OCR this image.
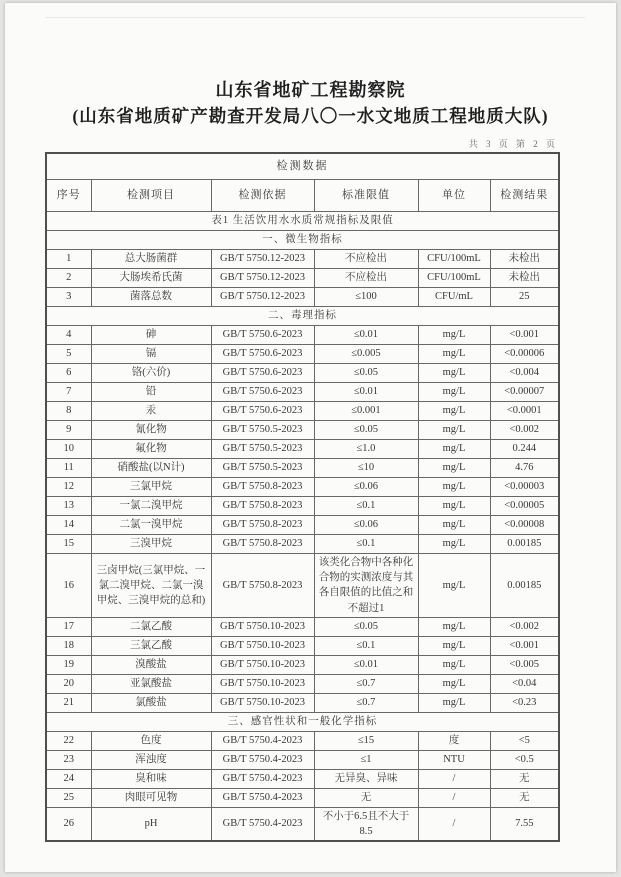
山东省地矿工程勘察院
(山东省地质矿产勘查开发局八〇一水文地质工程地质大队)
共 3 页 第 2 页
检测数据					
序号	检测项目	检测依据	标准限值	单位	检测结果
表1 生活饮用水水质常规指标及限值					
一、微生物指标					
1	总大肠菌群	GB/T 5750.12-2023	不应检出	CFU/100mL	未检出
2	大肠埃希氏菌	GB/T 5750.12-2023	不应检出	CFU/100mL	未检出
3	菌落总数	GB/T 5750.12-2023	≤100	CFU/mL	25
二、毒理指标					
4	砷	GB/T 5750.6-2023	≤0.01	mg/L	<0.001
5	镉	GB/T 5750.6-2023	≤0.005	mg/L	<0.00006
6	铬(六价)	GB/T 5750.6-2023	≤0.05	mg/L	<0.004
7	铅	GB/T 5750.6-2023	≤0.01	mg/L	<0.00007
8	汞	GB/T 5750.6-2023	≤0.001	mg/L	<0.0001
9	氰化物	GB/T 5750.5-2023	≤0.05	mg/L	<0.002
10	氟化物	GB/T 5750.5-2023	≤1.0	mg/L	0.244
11	硝酸盐(以N计)	GB/T 5750.5-2023	≤10	mg/L	4.76
12	三氯甲烷	GB/T 5750.8-2023	≤0.06	mg/L	<0.00003
13	一氯二溴甲烷	GB/T 5750.8-2023	≤0.1	mg/L	<0.00005
14	二氯一溴甲烷	GB/T 5750.8-2023	≤0.06	mg/L	<0.00008
15	三溴甲烷	GB/T 5750.8-2023	≤0.1	mg/L	0.00185
16	三卤甲烷(三氯甲烷、一氯二溴甲烷、二氯一溴甲烷、三溴甲烷的总和)	GB/T 5750.8-2023	该类化合物中各种化合物的实测浓度与其各自限值的比值之和不超过1	mg/L	0.00185
17	二氯乙酸	GB/T 5750.10-2023	≤0.05	mg/L	<0.002
18	三氯乙酸	GB/T 5750.10-2023	≤0.1	mg/L	<0.001
19	溴酸盐	GB/T 5750.10-2023	≤0.01	mg/L	<0.005
20	亚氯酸盐	GB/T 5750.10-2023	≤0.7	mg/L	<0.04
21	氯酸盐	GB/T 5750.10-2023	≤0.7	mg/L	<0.23
三、感官性状和一般化学指标					
22	色度	GB/T 5750.4-2023	≤15	度	<5
23	浑浊度	GB/T 5750.4-2023	≤1	NTU	<0.5
24	臭和味	GB/T 5750.4-2023	无异臭、异味	/	无
25	肉眼可见物	GB/T 5750.4-2023	无	/	无
26	pH	GB/T 5750.4-2023	不小于6.5且不大于8.5	/	7.55
